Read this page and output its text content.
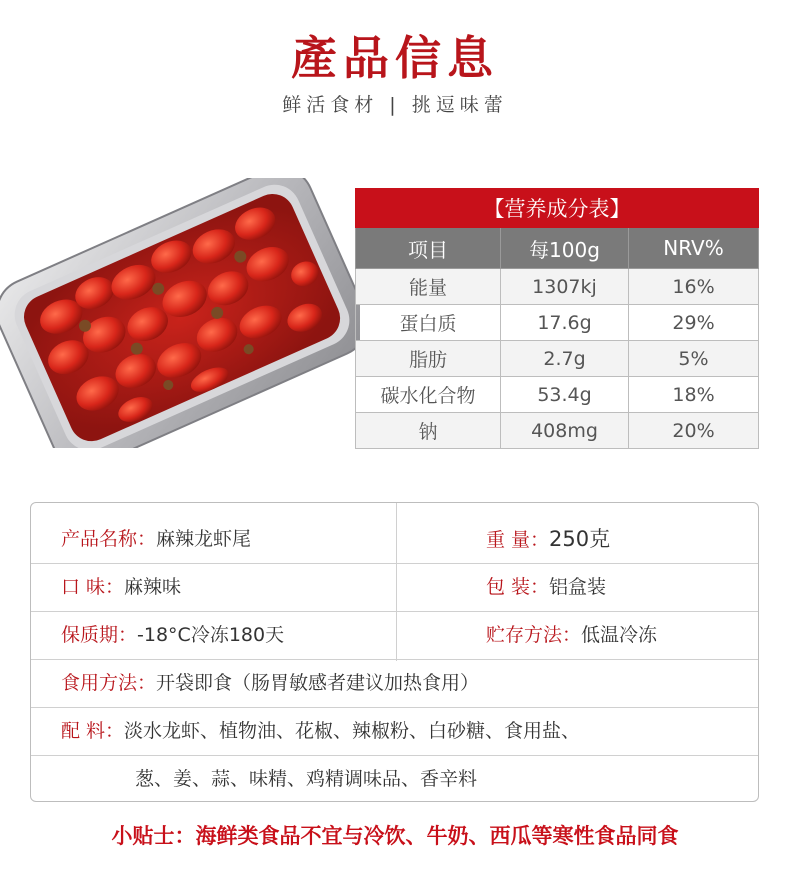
產品信息
鲜活食材 | 挑逗味蕾
【营养成分表】		
项目	每100g	NRV%
能量	1307kj	16%
蛋白质	17.6g	29%
脂肪	2.7g	5%
碳水化合物	53.4g	18%
钠	408mg	20%
产品名称：麻辣龙虾尾	重 量：250克
口 味：麻辣味	包 装：铝盒装
保质期：-18°C冷冻180天	贮存方法：低温冷冻
食用方法：开袋即食（肠胃敏感者建议加热食用）
配 料：淡水龙虾、植物油、花椒、辣椒粉、白砂糖、食用盐、
葱、姜、蒜、味精、鸡精调味品、香辛料
小贴士：海鲜类食品不宜与冷饮、牛奶、西瓜等寒性食品同食
